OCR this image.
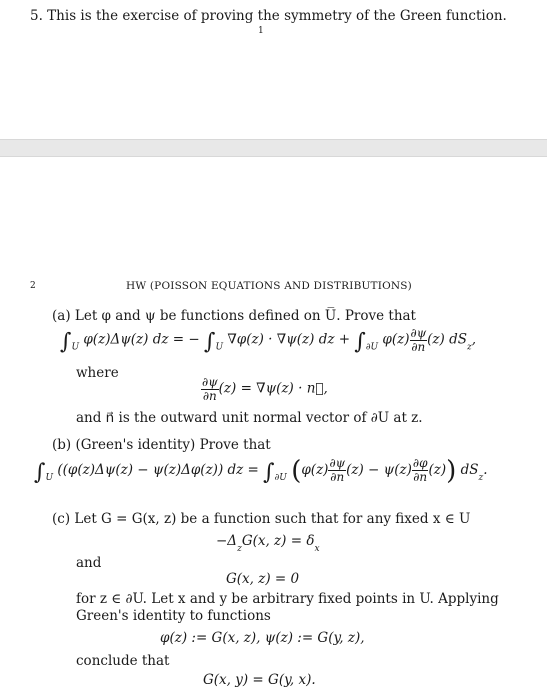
5. This is the exercise of proving the symmetry of the Green function.
1
2	HW (POISSON EQUATIONS AND DISTRIBUTIONS)
(a) Let φ and ψ be functions defined on U̅. Prove that
$\int_U$ φ(z)Δψ(z) dz = − $\int_U$ ∇φ(z) · ∇ψ(z) dz + $\int_{\partial U}$ $\varphi(z) \frac{\partial\psi}{\partial n} (z)$ $dS_z$,
where
$\frac{\partial\psi}{\partial n} (z) = \nabla\psi(z)$ · n⃗,
and n⃗ is the outward unit normal vector of ∂U at z.
(b) (Green's identity) Prove that
$\int_U$ ((φ(z)Δψ(z) − ψ(z)Δφ(z)) dz = $\int_{\partial U}$ $(\varphi(z) \frac{\partial\psi}{\partial n} (z) - \psi(z) \frac{\partial\varphi}{\partial n} (z))$ $dS_z$.
(c) Let G = G(x, z) be a function such that for any fixed x ∈ U
$-\Delta_zG(x$, $z) = \delta_x$
and
G(x, z) = 0
for z ∈ ∂U. Let x and y be arbitrary fixed points in U. Applying
Green's identity to functions
φ(z) := G(x, z), ψ(z) := G(y, z),
conclude that
G(x, y) = G(y, x).
